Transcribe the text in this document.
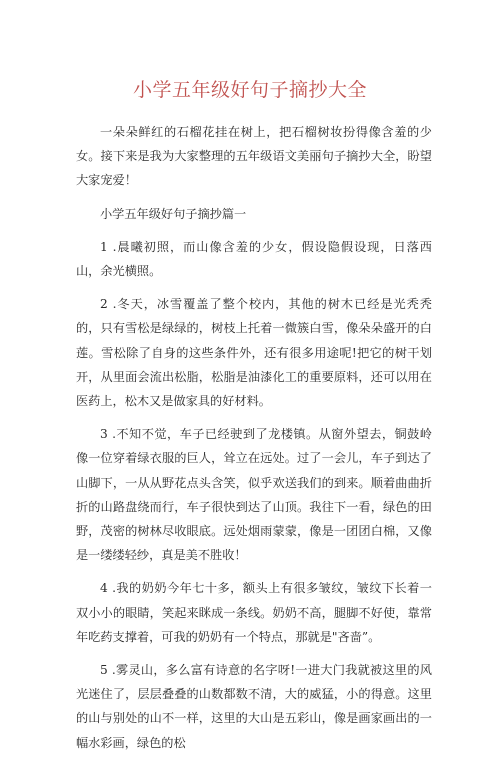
小学五年级好句子摘抄大全

一朵朵鲜红的石榴花挂在树上，把石榴树妆扮得像含羞的少女。接下来是我为大家整理的五年级语文美丽句子摘抄大全，盼望大家宠爱！

小学五年级好句子摘抄篇一

1 .晨曦初照，而山像含羞的少女，假设隐假设现，日落西山，余光横照。

2 .冬天，冰雪覆盖了整个校内，其他的树木已经是光秃秃的，只有雪松是绿绿的，树枝上托着一微簇白雪，像朵朵盛开的白莲。雪松除了自身的这些条件外，还有很多用途呢!把它的树干划开，从里面会流出松脂，松脂是油漆化工的重要原料，还可以用在医药上，松木又是做家具的好材料。

3 .不知不觉，车子已经驶到了龙楼镇。从窗外望去，铜鼓岭像一位穿着绿衣服的巨人，耸立在远处。过了一会儿，车子到达了山脚下，一从从野花点头含笑，似乎欢送我们的到来。顺着曲曲折折的山路盘绕而行，车子很快到达了山顶。我往下一看，绿色的田野，茂密的树林尽收眼底。远处烟雨蒙蒙，像是一团团白棉，又像是一缕缕轻纱，真是美不胜收！

4 .我的奶奶今年七十多，额头上有很多皱纹，皱纹下长着一双小小的眼睛，笑起来眯成一条线。奶奶不高，腿脚不好使，靠常年吃药支撑着，可我的奶奶有一个特点，那就是"吝啬”。

5 .雾灵山，多么富有诗意的名字呀!一进大门我就被这里的风光迷住了，层层叠叠的山数都数不清，大的威猛，小的得意。这里的山与别处的山不一样，这里的大山是五彩山，像是画家画出的一幅水彩画，绿色的松
